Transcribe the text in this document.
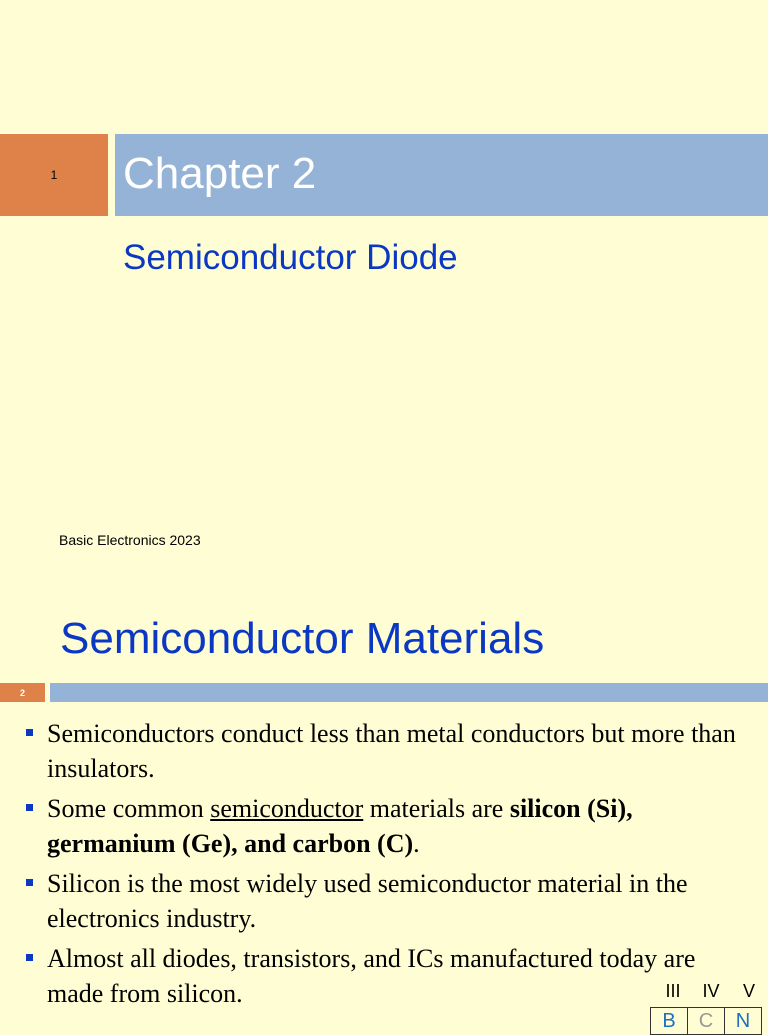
1 Chapter 2
Semiconductor Diode
Basic Electronics 2023
Semiconductor Materials
2
Semiconductors conduct less than metal conductors but more than insulators.
Some common semiconductor materials are silicon (Si), germanium (Ge), and carbon (C).
Silicon is the most widely used semiconductor material in the electronics industry.
Almost all diodes, transistors, and ICs manufactured today are made from silicon.	III	IV	V
B	C	N
